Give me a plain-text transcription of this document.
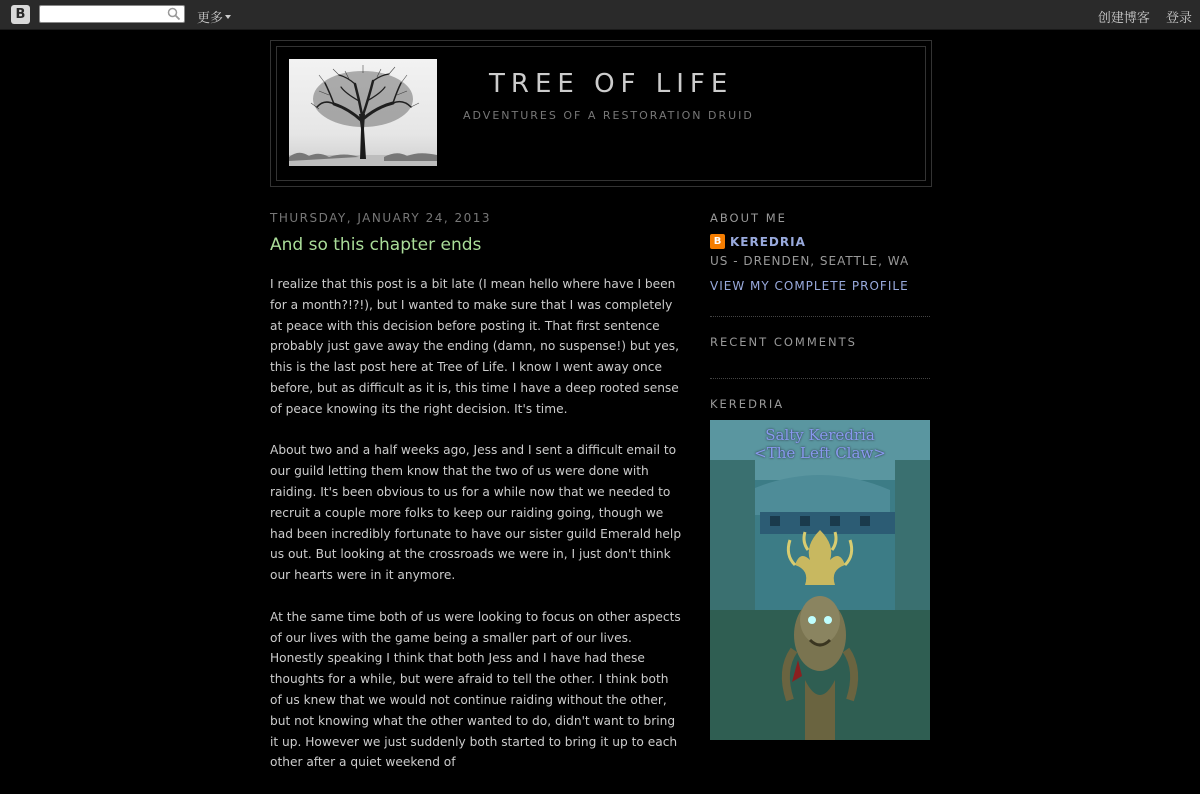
B	更多	创建博客 登录
TREE OF LIFE
ADVENTURES OF A RESTORATION DRUID
THURSDAY, JANUARY 24, 2013
And so this chapter ends

I realize that this post is a bit late (I mean hello where have I been for a month?!?!), but I wanted to make sure that I was completely at peace with this decision before posting it. That first sentence probably just gave away the ending (damn, no suspense!) but yes, this is the last post here at Tree of Life. I know I went away once before, but as difficult as it is, this time I have a deep rooted sense of peace knowing its the right decision. It's time.

About two and a half weeks ago, Jess and I sent a difficult email to our guild letting them know that the two of us were done with raiding. It's been obvious to us for a while now that we needed to recruit a couple more folks to keep our raiding going, though we had been incredibly fortunate to have our sister guild Emerald help us out. But looking at the crossroads we were in, I just don't think our hearts were in it anymore.

At the same time both of us were looking to focus on other aspects of our lives with the game being a smaller part of our lives. Honestly speaking I think that both Jess and I have had these thoughts for a while, but were afraid to tell the other. I think both of us knew that we would not continue raiding without the other, but not knowing what the other wanted to do, didn't want to bring it up. However we just suddenly both started to bring it up to each other after a quiet weekend of

ABOUT ME
B KEREDRIA
US - DRENDEN, SEATTLE, WA
VIEW MY COMPLETE PROFILE
RECENT COMMENTS
KEREDRIA
Salty Keredria
<The Left Claw>
